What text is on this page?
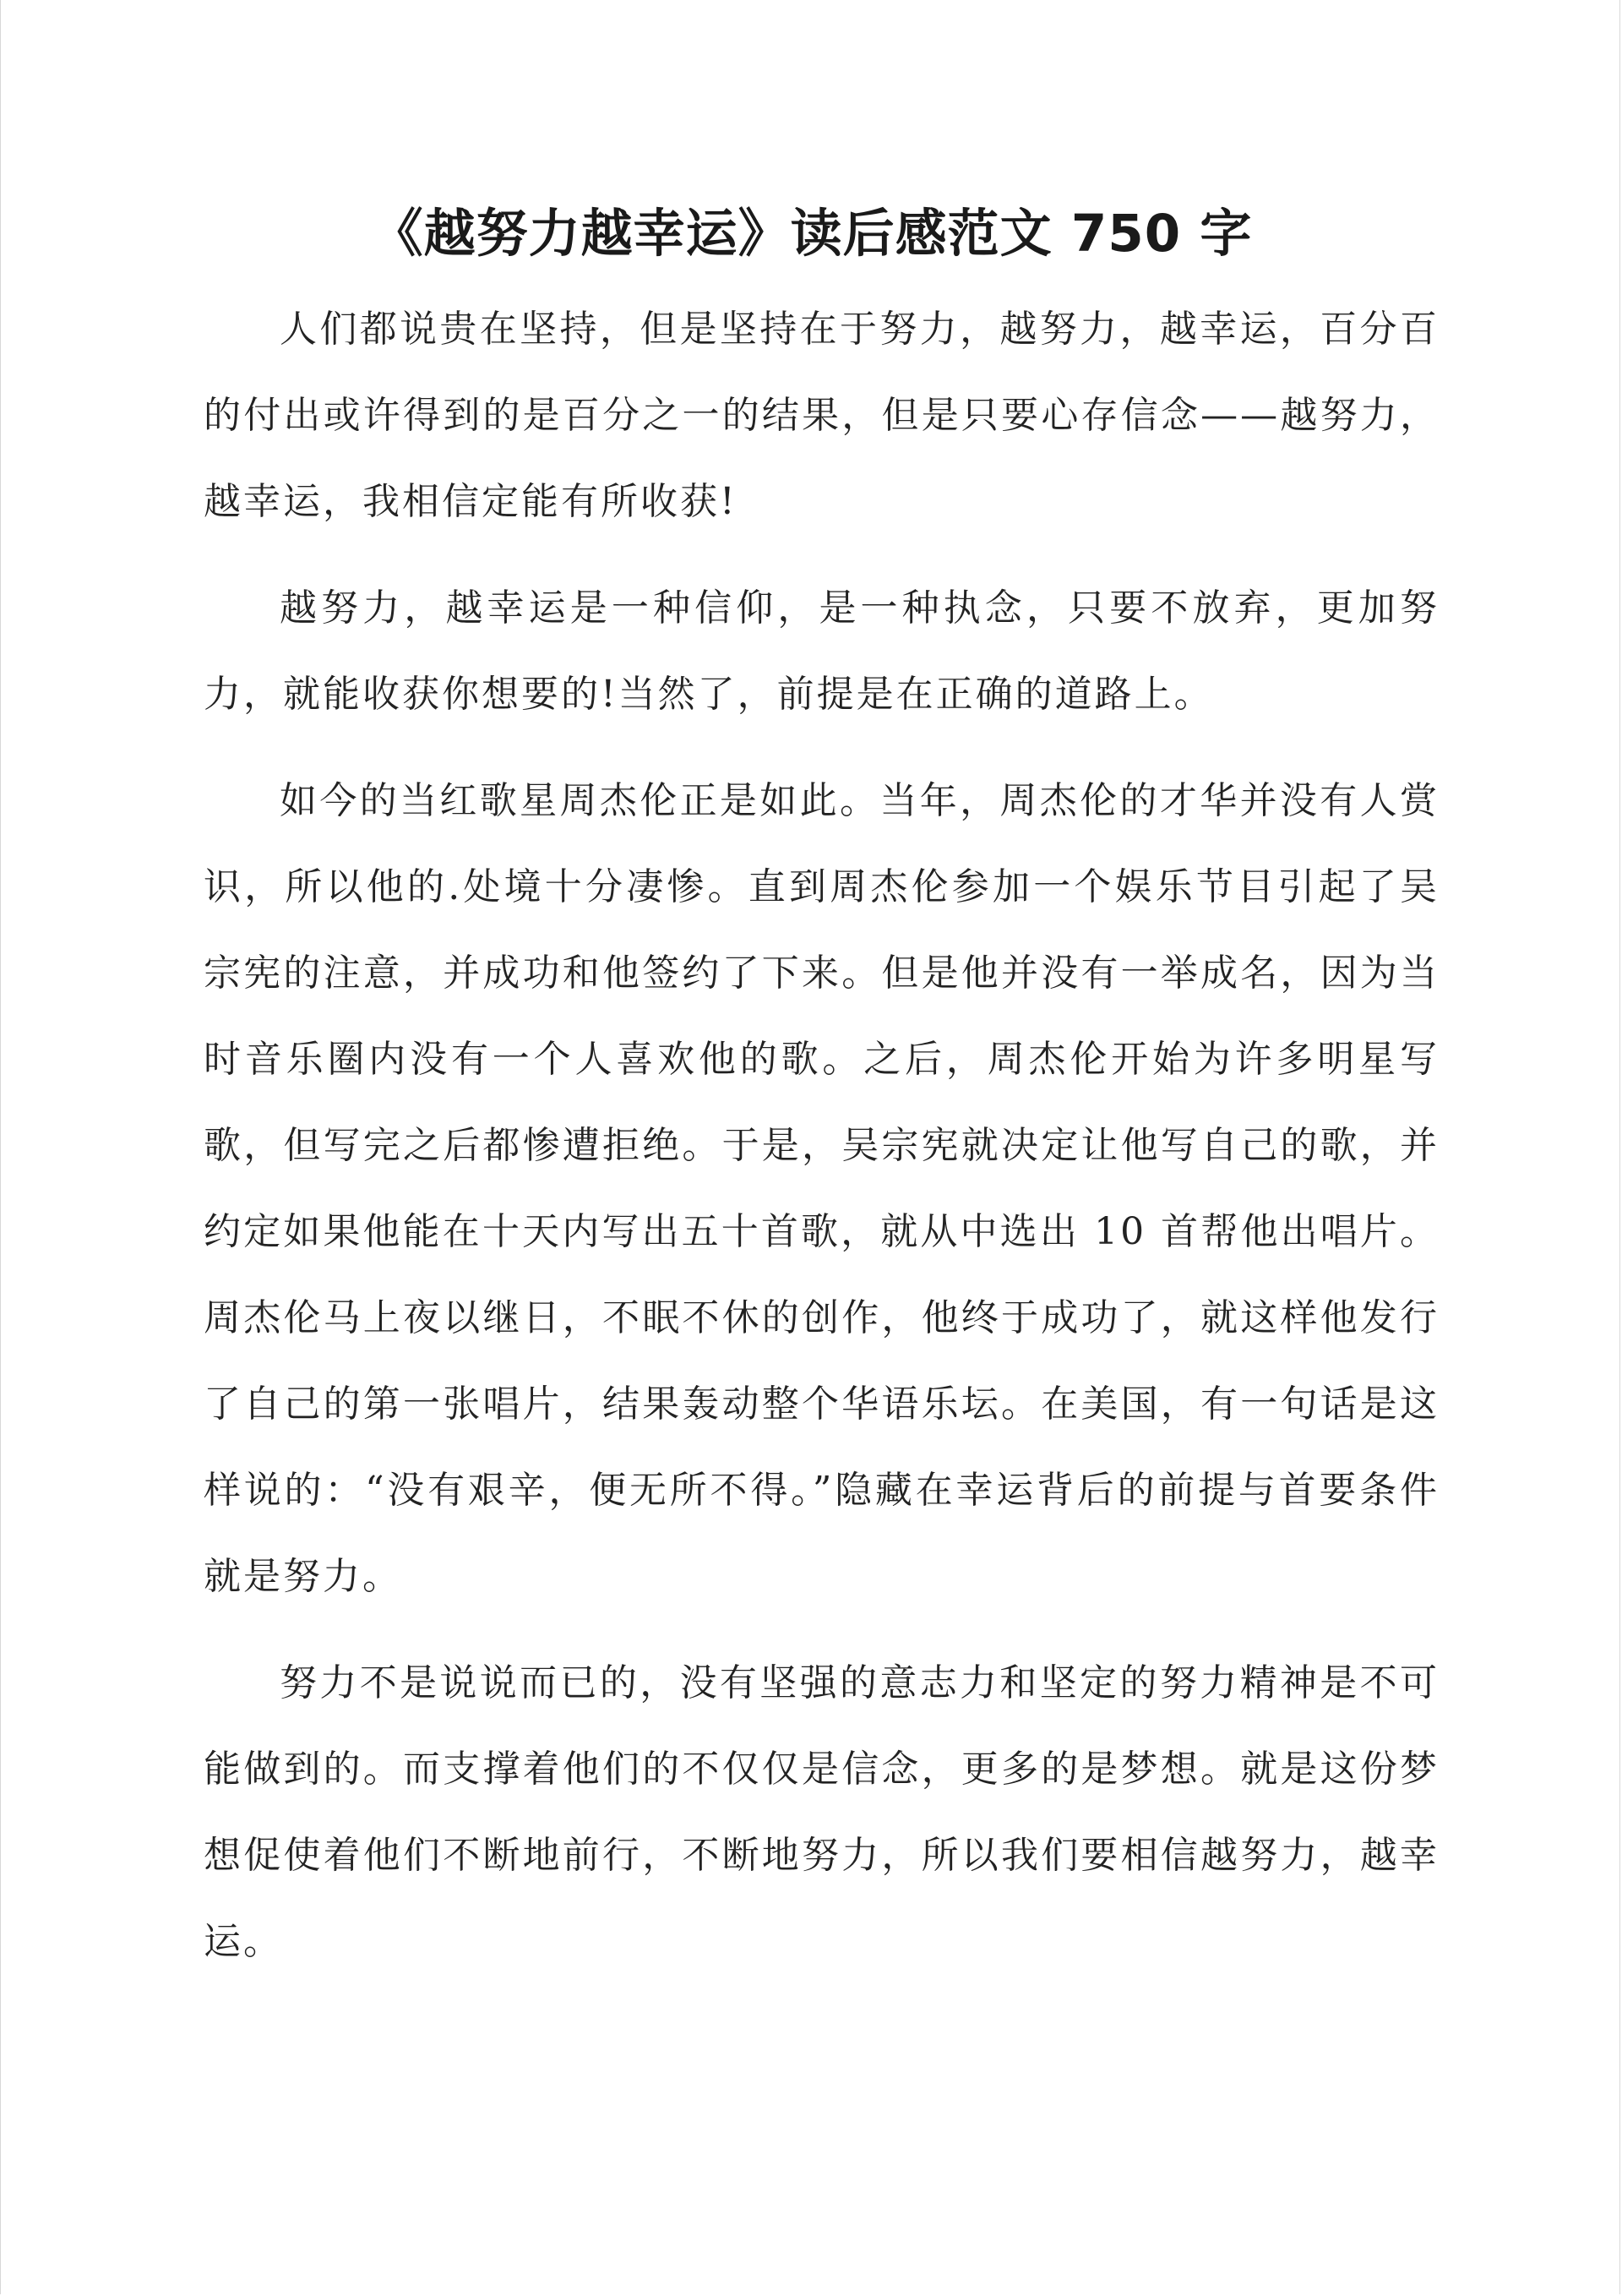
《越努力越幸运》读后感范文 750 字

人们都说贵在坚持，但是坚持在于努力，越努力，越幸运，百分百的付出或许得到的是百分之一的结果，但是只要心存信念——越努力，越幸运，我相信定能有所收获!

越努力，越幸运是一种信仰，是一种执念，只要不放弃，更加努力，就能收获你想要的!当然了，前提是在正确的道路上。

如今的当红歌星周杰伦正是如此。当年，周杰伦的才华并没有人赏识，所以他的.处境十分凄惨。直到周杰伦参加一个娱乐节目引起了吴宗宪的注意，并成功和他签约了下来。但是他并没有一举成名，因为当时音乐圈内没有一个人喜欢他的歌。之后，周杰伦开始为许多明星写歌，但写完之后都惨遭拒绝。于是，吴宗宪就决定让他写自己的歌，并约定如果他能在十天内写出五十首歌，就从中选出 10 首帮他出唱片。周杰伦马上夜以继日，不眠不休的创作，他终于成功了，就这样他发行了自己的第一张唱片，结果轰动整个华语乐坛。在美国，有一句话是这样说的：“没有艰辛，便无所不得。”隐藏在幸运背后的前提与首要条件就是努力。

努力不是说说而已的，没有坚强的意志力和坚定的努力精神是不可能做到的。而支撑着他们的不仅仅是信念，更多的是梦想。就是这份梦想促使着他们不断地前行，不断地努力，所以我们要相信越努力，越幸运。
